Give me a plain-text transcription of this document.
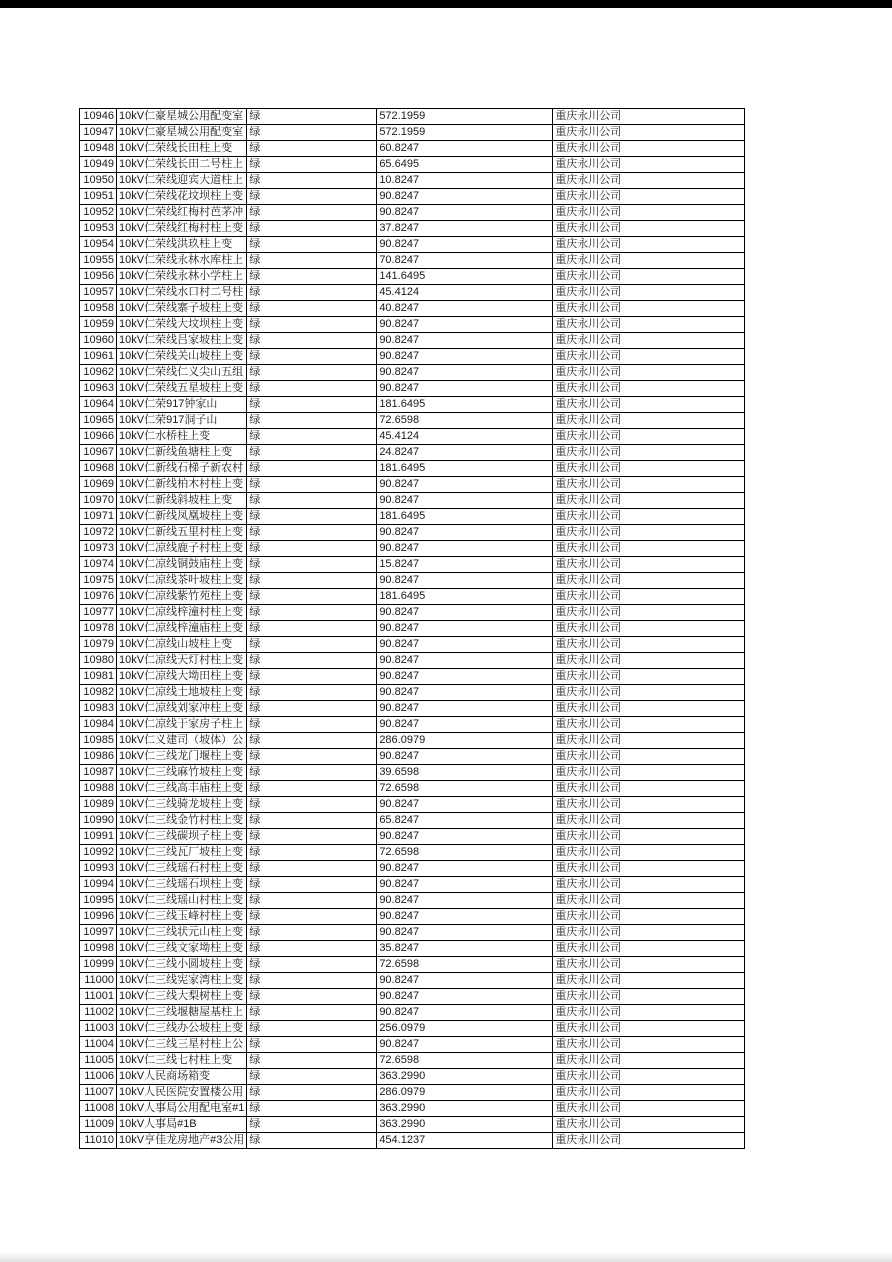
10946	10kV仁豪星城公用配变室	绿	572.1959	重庆永川公司
10947	10kV仁豪星城公用配变室	绿	572.1959	重庆永川公司
10948	10kV仁荣线长田柱上变	绿	60.8247	重庆永川公司
10949	10kV仁荣线长田二号柱上	绿	65.6495	重庆永川公司
10950	10kV仁荣线迎宾大道柱上	绿	10.8247	重庆永川公司
10951	10kV仁荣线花坟坝柱上变	绿	90.8247	重庆永川公司
10952	10kV仁荣线红梅村芭茅冲	绿	90.8247	重庆永川公司
10953	10kV仁荣线红梅村柱上变	绿	37.8247	重庆永川公司
10954	10kV仁荣线洪玖柱上变	绿	90.8247	重庆永川公司
10955	10kV仁荣线永林水库柱上	绿	70.8247	重庆永川公司
10956	10kV仁荣线永林小学柱上	绿	141.6495	重庆永川公司
10957	10kV仁荣线水口村二号柱	绿	45.4124	重庆永川公司
10958	10kV仁荣线寨子坡柱上变	绿	40.8247	重庆永川公司
10959	10kV仁荣线大坟坝柱上变	绿	90.8247	重庆永川公司
10960	10kV仁荣线吕家坡柱上变	绿	90.8247	重庆永川公司
10961	10kV仁荣线关山坡柱上变	绿	90.8247	重庆永川公司
10962	10kV仁荣线仁义尖山五组	绿	90.8247	重庆永川公司
10963	10kV仁荣线五星坡柱上变	绿	90.8247	重庆永川公司
10964	10kV仁荣917钟家山	绿	181.6495	重庆永川公司
10965	10kV仁荣917洞子山	绿	72.6598	重庆永川公司
10966	10kV仁水桥柱上变	绿	45.4124	重庆永川公司
10967	10kV仁新线鱼塘柱上变	绿	24.8247	重庆永川公司
10968	10kV仁新线石梯子新农村	绿	181.6495	重庆永川公司
10969	10kV仁新线柏木村柱上变	绿	90.8247	重庆永川公司
10970	10kV仁新线斜坡柱上变	绿	90.8247	重庆永川公司
10971	10kV仁新线凤凰坡柱上变	绿	181.6495	重庆永川公司
10972	10kV仁新线五里村柱上变	绿	90.8247	重庆永川公司
10973	10kV仁凉线鹿子村柱上变	绿	90.8247	重庆永川公司
10974	10kV仁凉线铜鼓庙柱上变	绿	15.8247	重庆永川公司
10975	10kV仁凉线茶叶坡柱上变	绿	90.8247	重庆永川公司
10976	10kV仁凉线紫竹苑柱上变	绿	181.6495	重庆永川公司
10977	10kV仁凉线梓潼村柱上变	绿	90.8247	重庆永川公司
10978	10kV仁凉线梓潼庙柱上变	绿	90.8247	重庆永川公司
10979	10kV仁凉线山坡柱上变	绿	90.8247	重庆永川公司
10980	10kV仁凉线天灯村柱上变	绿	90.8247	重庆永川公司
10981	10kV仁凉线大坳田柱上变	绿	90.8247	重庆永川公司
10982	10kV仁凉线土地坡柱上变	绿	90.8247	重庆永川公司
10983	10kV仁凉线刘家冲柱上变	绿	90.8247	重庆永川公司
10984	10kV仁凉线于家房子柱上	绿	90.8247	重庆永川公司
10985	10kV仁义建司（坡体）公	绿	286.0979	重庆永川公司
10986	10kV仁三线龙门堰柱上变	绿	90.8247	重庆永川公司
10987	10kV仁三线麻竹坡柱上变	绿	39.6598	重庆永川公司
10988	10kV仁三线高丰庙柱上变	绿	72.6598	重庆永川公司
10989	10kV仁三线骑龙坡柱上变	绿	90.8247	重庆永川公司
10990	10kV仁三线金竹村柱上变	绿	65.8247	重庆永川公司
10991	10kV仁三线碳坝子柱上变	绿	90.8247	重庆永川公司
10992	10kV仁三线瓦厂坡柱上变	绿	72.6598	重庆永川公司
10993	10kV仁三线瑶石村柱上变	绿	90.8247	重庆永川公司
10994	10kV仁三线瑶石坝柱上变	绿	90.8247	重庆永川公司
10995	10kV仁三线瑶山村柱上变	绿	90.8247	重庆永川公司
10996	10kV仁三线玉峰村柱上变	绿	90.8247	重庆永川公司
10997	10kV仁三线状元山柱上变	绿	90.8247	重庆永川公司
10998	10kV仁三线文家坳柱上变	绿	35.8247	重庆永川公司
10999	10kV仁三线小圆坡柱上变	绿	72.6598	重庆永川公司
11000	10kV仁三线宪家湾柱上变	绿	90.8247	重庆永川公司
11001	10kV仁三线大梨树柱上变	绿	90.8247	重庆永川公司
11002	10kV仁三线堰糖屋基柱上	绿	90.8247	重庆永川公司
11003	10kV仁三线办公坡柱上变	绿	256.0979	重庆永川公司
11004	10kV仁三线三星村柱上公	绿	90.8247	重庆永川公司
11005	10kV仁三线七村柱上变	绿	72.6598	重庆永川公司
11006	10kV人民商场箱变	绿	363.2990	重庆永川公司
11007	10kV人民医院安置楼公用	绿	286.0979	重庆永川公司
11008	10kV人事局公用配电室#1	绿	363.2990	重庆永川公司
11009	10kV人事局#1B	绿	363.2990	重庆永川公司
11010	10kV亨佳龙房地产#3公用	绿	454.1237	重庆永川公司
